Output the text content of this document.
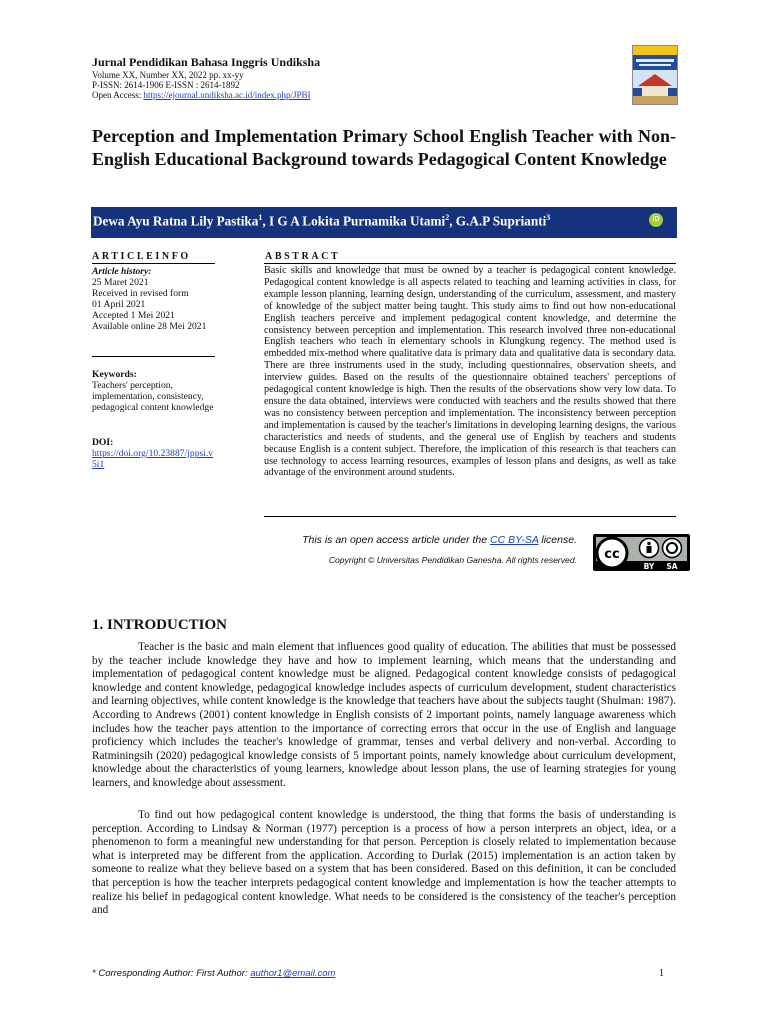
Jurnal Pendidikan Bahasa Inggris Undiksha
Volume XX, Number XX, 2022 pp. xx-yy
P-ISSN: 2614-1906 E-ISSN : 2614-1892
Open Access: https://ejournal.undiksha.ac.id/index.php/JPBI
Perception and Implementation Primary School English Teacher with Non-English Educational Background towards Pedagogical Content Knowledge
Dewa Ayu Ratna Lily Pastika$^1$, I G A Lokita Purnamika Utami$^2$, G.A.P Suprianti$^3$	iD
ARTICLEINFO	ABSTRACT
Article history:
25 Maret 2021
Received in revised form
01 April 2021
Accepted 1 Mei 2021
Available online 28 Mei 2021
Keywords:
Teachers' perception, implementation, consistency, pedagogical content knowledge
DOI:
https://doi.org/10.23887/jppsi.v5i1

Basic skills and knowledge that must be owned by a teacher is pedagogical content knowledge. Pedagogical content knowledge is all aspects related to teaching and learning activities in class, for example lesson planning, learning design, understanding of the curriculum, assessment, and mastery of knowledge of the subject matter being taught. This study aims to find out how non-educational English teachers perceive and implement pedagogical content knowledge, and determine the consistency between perception and implementation. This research involved three non-educational English teachers who teach in elementary schools in Klungkung regency. The method used is embedded mix-method where qualitative data is primary data and qualitative data is secondary data. There are three instruments used in the study, including questionnaires, observation sheets, and interview guides. Based on the results of the questionnaire obtained teachers' perceptions of pedagogical content knowledge is high. Then the results of the observations show very low data. To ensure the data obtained, interviews were conducted with teachers and the results showed that there was no consistency between perception and implementation. The inconsistency between perception and implementation is caused by the teacher's limitations in developing learning designs, the various characteristics and needs of students, and the general use of English by teachers and students because English is a content subject. Therefore, the implication of this research is that teachers can use technology to access learning resources, examples of lesson plans and designs, as well as take advantage of the environment around students.

This is an open access article under the CC BY-SA license.
Copyright © Universitas Pendidikan Ganesha. All rights reserved. cc
BY SA
1. INTRODUCTION

Teacher is the basic and main element that influences good quality of education. The abilities that must be possessed by the teacher include knowledge they have and how to implement learning, which means that the understanding and implementation of pedagogical content knowledge must be aligned. Pedagogical content knowledge consists of pedagogical knowledge and content knowledge, pedagogical knowledge includes aspects of curriculum development, student characteristics and learning objectives, while content knowledge is the knowledge that teachers have about the subjects taught (Shulman: 1987). According to Andrews (2001) content knowledge in English consists of 2 important points, namely language awareness which includes how the teacher pays attention to the importance of correcting errors that occur in the use of English and language proficiency which includes the teacher's knowledge of grammar, tenses and verbal delivery and non-verbal. According to Ratminingsih (2020) pedagogical knowledge consists of 5 important points, namely knowledge about curriculum development, knowledge about the characteristics of young learners, knowledge about lesson plans, the use of learning strategies for young learners, and knowledge about assessment.

To find out how pedagogical content knowledge is understood, the thing that forms the basis of understanding is perception. According to Lindsay & Norman (1977) perception is a process of how a person interprets an object, idea, or a phenomenon to form a meaningful new understanding for that person. Perception is closely related to implementation because what is interpreted may be different from the application. According to Durlak (2015) implementation is an action taken by someone to realize what they believe based on a system that has been considered. Based on this definition, it can be concluded that perception is how the teacher interprets pedagogical content knowledge and implementation is how the teacher attempts to realize his belief in pedagogical content knowledge. What needs to be considered is the consistency of the teacher's perception and

* Corresponding Author: First Author: author1@email.com	1
